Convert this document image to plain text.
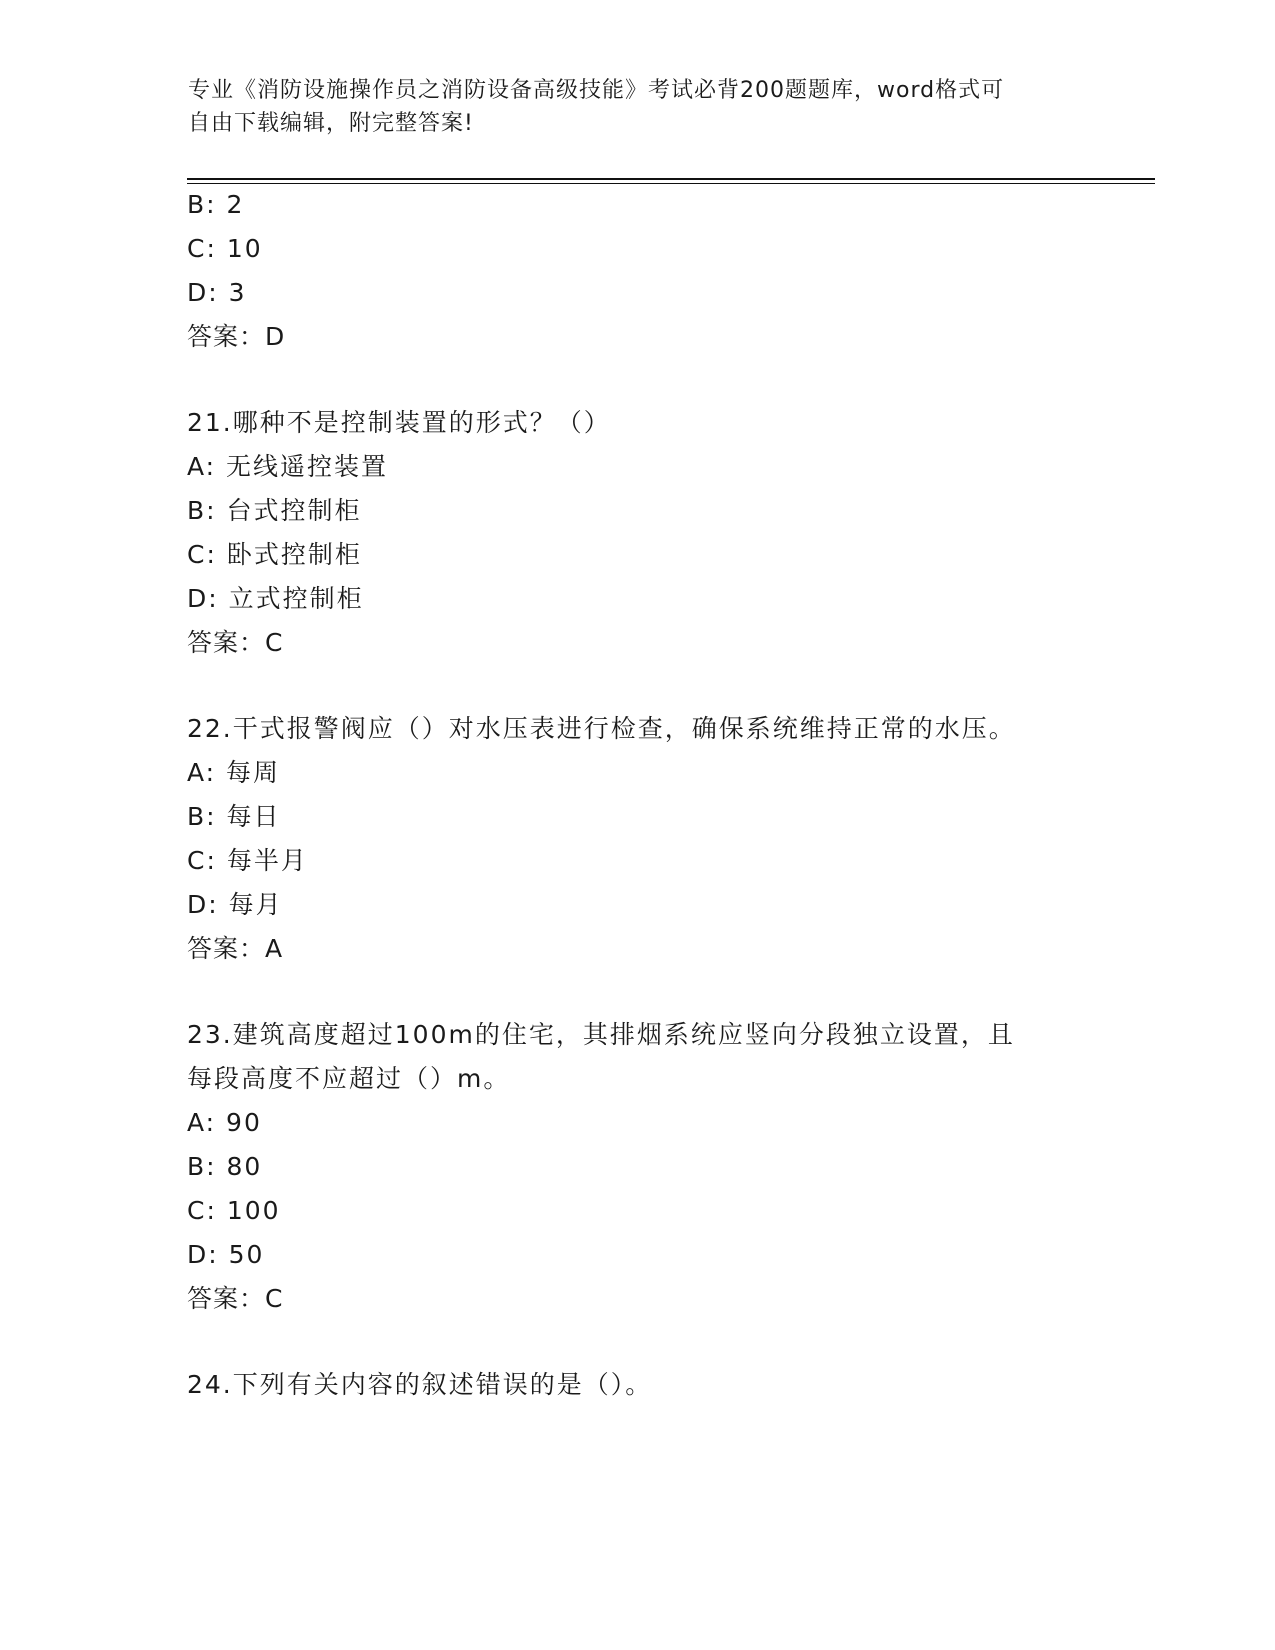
专业《消防设施操作员之消防设备高级技能》考试必背200题题库，word格式可
自由下载编辑，附完整答案!
B: 2
C: 10
D: 3
答案：D
21.哪种不是控制装置的形式？（）
A: 无线遥控装置
B: 台式控制柜
C: 卧式控制柜
D: 立式控制柜
答案：C
22.干式报警阀应（）对水压表进行检查，确保系统维持正常的水压。
A: 每周
B: 每日
C: 每半月
D: 每月
答案：A
23.建筑高度超过100m的住宅，其排烟系统应竖向分段独立设置，且
每段高度不应超过（）m。
A: 90
B: 80
C: 100
D: 50
答案：C
24.下列有关内容的叙述错误的是（）。
